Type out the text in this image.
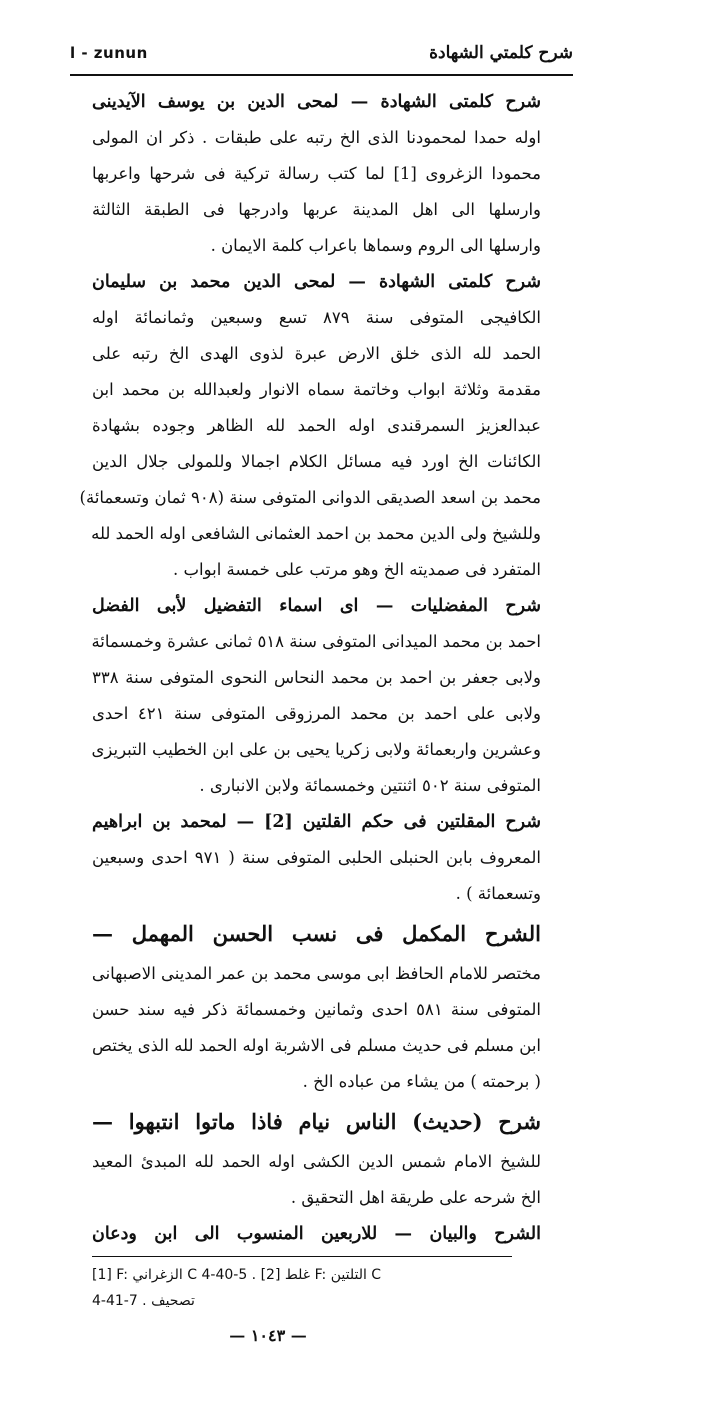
l - zunun	شرح كلمتي الشهادة
شرح كلمتى الشهادة — لمحى الدين بن يوسف الآيدينى
اوله حمدا لمحمودنا الذى الخ رتبه على طبقات . ذكر ان المولى
محمودا الزغروى [1] لما كتب رسالة تركية فى شرحها واعربها
وارسلها الى اهل المدينة عربها وادرجها فى الطبقة الثالثة
وارسلها الى الروم وسماها باعراب كلمة الايمان .
شرح كلمتى الشهادة — لمحى الدين محمد بن سليمان
الكافيجى المتوفى سنة ٨٧٩ تسع وسبعين وثمانمائة اوله
الحمد لله الذى خلق الارض عبرة لذوى الهدى الخ رتبه على
مقدمة وثلاثة ابواب وخاتمة سماه الانوار ولعبدالله بن محمد ابن
عبدالعزيز السمرقندى اوله الحمد لله الظاهر وجوده بشهادة
الكائنات الخ اورد فيه مسائل الكلام اجمالا وللمولى جلال الدين
محمد بن اسعد الصديقى الدوانى المتوفى سنة (٩٠٨ ثمان وتسعمائة)
وللشيخ ولى الدين محمد بن احمد العثمانى الشافعى اوله الحمد لله
المتفرد فى صمديته الخ وهو مرتب على خمسة ابواب .
شرح المفضليات — اى اسماء التفضيل لأبى الفضل
احمد بن محمد الميدانى المتوفى سنة ٥١٨ ثمانى عشرة وخمسمائة
ولابى جعفر بن احمد بن محمد النحاس النحوى المتوفى سنة ٣٣٨
ولابى على احمد بن محمد المرزوقى المتوفى سنة ٤٢١ احدى
وعشرين واربعمائة ولابى زكريا يحيى بن على ابن الخطيب التبريزى
المتوفى سنة ٥٠٢ اثنتين وخمسمائة ولابن الانبارى .
شرح المقلتين فى حكم القلتين [2] — لمحمد بن ابراهيم
المعروف بابن الحنبلى الحلبى المتوفى سنة ( ٩٧١ احدى وسبعين
وتسعمائة ) .
الشرح المكمل فى نسب الحسن المهمل —
مختصر للامام الحافظ ابى موسى محمد بن عمر المدينى الاصبهانى
المتوفى سنة ٥٨١ احدى وثمانين وخمسمائة ذكر فيه سند حسن
ابن مسلم فى حديث مسلم فى الاشربة اوله الحمد لله الذى يختص
( برحمته ) من يشاء من عباده الخ .
شرح (حديث) الناس نيام فاذا ماتوا انتبهوا —
للشيخ الامام شمس الدين الكشى اوله الحمد لله المبدئ المعيد
الخ شرحه على طريقة اهل التحقيق .
الشرح والبيان — للاربعين المنسوب الى ابن ودعان
[1] F: الزغراني C 4-40-5 . غلط [2] F: التلتين C
4-41-7 . تصحيف
— ١٠٤٣ —
